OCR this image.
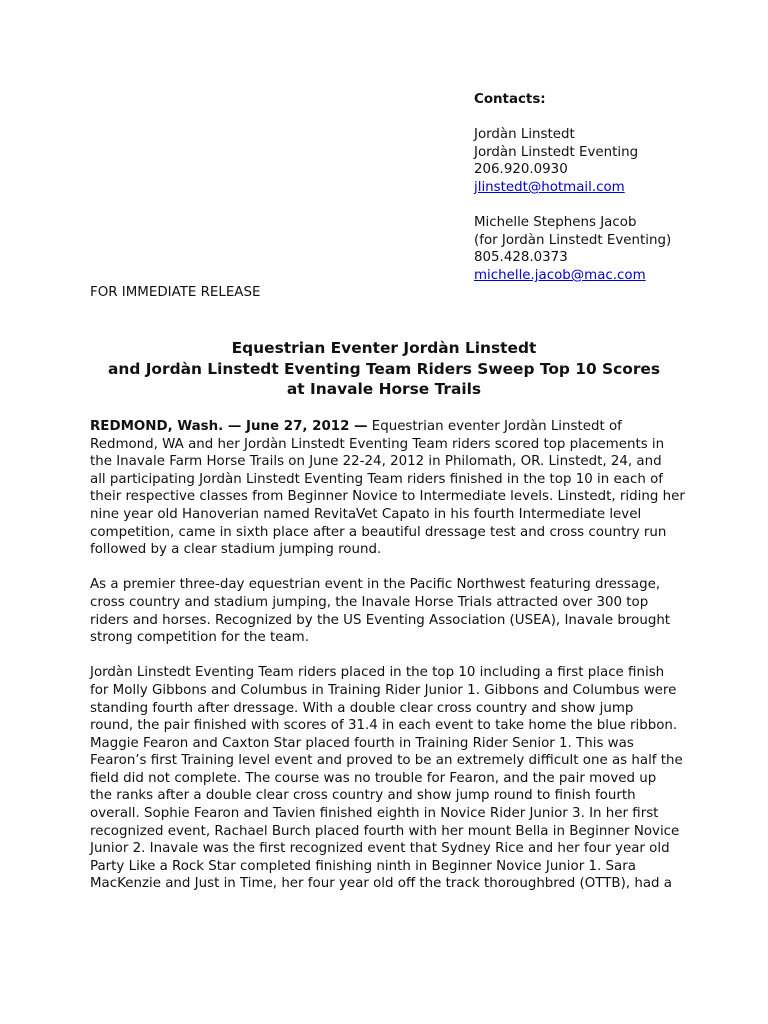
Contacts:
Jordàn Linstedt
Jordàn Linstedt Eventing
206.920.0930
jlinstedt@hotmail.com
Michelle Stephens Jacob
(for Jordàn Linstedt Eventing)
805.428.0373
michelle.jacob@mac.com
FOR IMMEDIATE RELEASE
Equestrian Eventer Jordàn Linstedt
and Jordàn Linstedt Eventing Team Riders Sweep Top 10 Scores
at Inavale Horse Trails

REDMOND, Wash. — June 27, 2012 — Equestrian eventer Jordàn Linstedt of
Redmond, WA and her Jordàn Linstedt Eventing Team riders scored top placements in
the Inavale Farm Horse Trails on June 22-24, 2012 in Philomath, OR. Linstedt, 24, and
all participating Jordàn Linstedt Eventing Team riders finished in the top 10 in each of
their respective classes from Beginner Novice to Intermediate levels. Linstedt, riding her
nine year old Hanoverian named RevitaVet Capato in his fourth Intermediate level
competition, came in sixth place after a beautiful dressage test and cross country run
followed by a clear stadium jumping round.

As a premier three-day equestrian event in the Pacific Northwest featuring dressage,
cross country and stadium jumping, the Inavale Horse Trials attracted over 300 top
riders and horses. Recognized by the US Eventing Association (USEA), Inavale brought
strong competition for the team.

Jordàn Linstedt Eventing Team riders placed in the top 10 including a first place finish
for Molly Gibbons and Columbus in Training Rider Junior 1. Gibbons and Columbus were
standing fourth after dressage. With a double clear cross country and show jump
round, the pair finished with scores of 31.4 in each event to take home the blue ribbon.
Maggie Fearon and Caxton Star placed fourth in Training Rider Senior 1. This was
Fearon’s first Training level event and proved to be an extremely difficult one as half the
field did not complete. The course was no trouble for Fearon, and the pair moved up
the ranks after a double clear cross country and show jump round to finish fourth
overall. Sophie Fearon and Tavien finished eighth in Novice Rider Junior 3. In her first
recognized event, Rachael Burch placed fourth with her mount Bella in Beginner Novice
Junior 2. Inavale was the first recognized event that Sydney Rice and her four year old
Party Like a Rock Star completed finishing ninth in Beginner Novice Junior 1. Sara
MacKenzie and Just in Time, her four year old off the track thoroughbred (OTTB), had a
